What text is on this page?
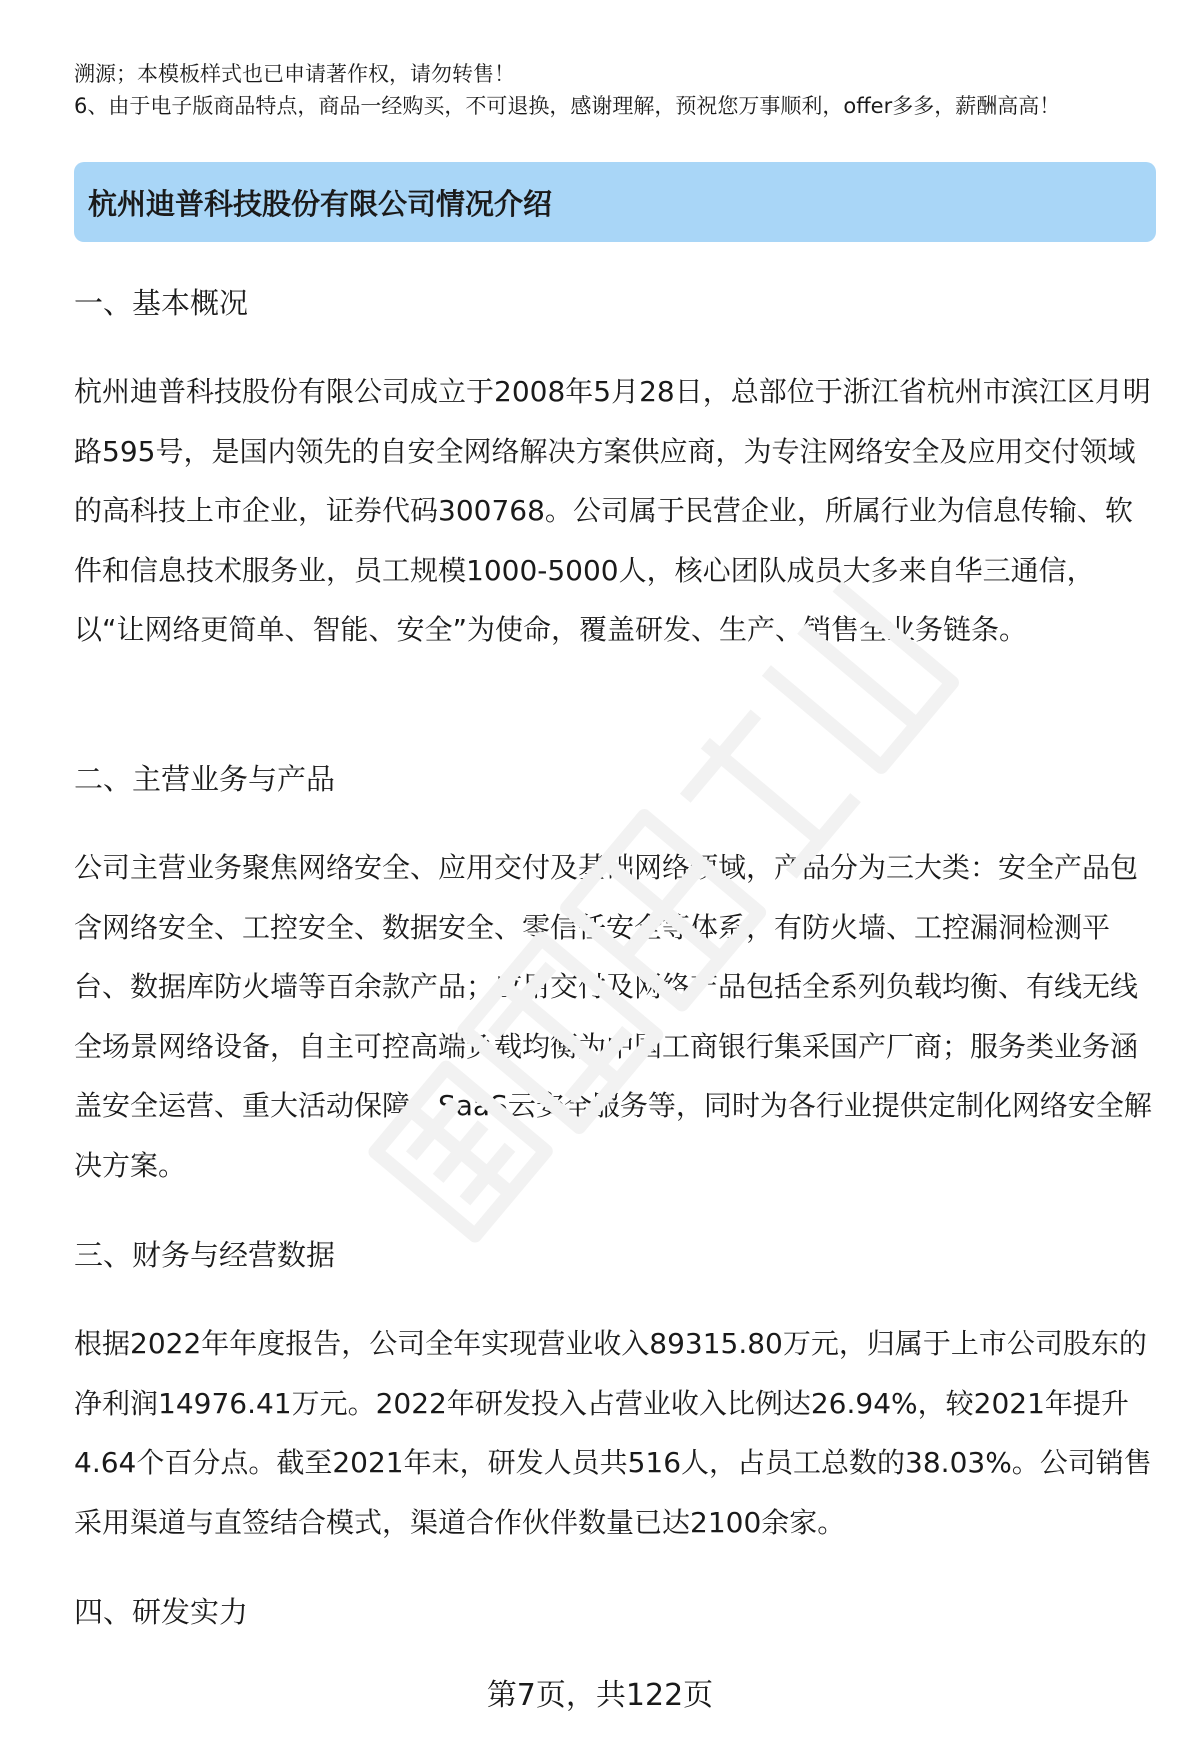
溯源；本模板样式也已申请著作权，请勿转售！

6、由于电子版商品特点，商品一经购买，不可退换，感谢理解，预祝您万事顺利，offer多多，薪酬高高！

杭州迪普科技股份有限公司情况介绍
一、基本概况

杭州迪普科技股份有限公司成立于2008年5月28日，总部位于浙江省杭州市滨江区月明路595号，是国内领先的自安全网络解决方案供应商，为专注网络安全及应用交付领域的高科技上市企业，证券代码300768。公司属于民营企业，所属行业为信息传输、软件和信息技术服务业，员工规模1000-5000人，核心团队成员大多来自华三通信，以“让网络更简单、智能、安全”为使命，覆盖研发、生产、销售全业务链条。

二、主营业务与产品

公司主营业务聚焦网络安全、应用交付及基础网络领域，产品分为三大类：安全产品包含网络安全、工控安全、数据安全、零信任安全等体系，有防火墙、工控漏洞检测平台、数据库防火墙等百余款产品；应用交付及网络产品包括全系列负载均衡、有线无线全场景网络设备，自主可控高端负载均衡为中国工商银行集采国产厂商；服务类业务涵盖安全运营、重大活动保障、SaaS云安全服务等，同时为各行业提供定制化网络安全解决方案。

三、财务与经营数据

根据2022年年度报告，公司全年实现营业收入89315.80万元，归属于上市公司股东的净利润14976.41万元。2022年研发投入占营业收入比例达26.94%，较2021年提升4.64个百分点。截至2021年末，研发人员共516人，占员工总数的38.03%。公司销售采用渠道与直签结合模式，渠道合作伙伴数量已达2100余家。

四、研发实力
第7页，共122页
